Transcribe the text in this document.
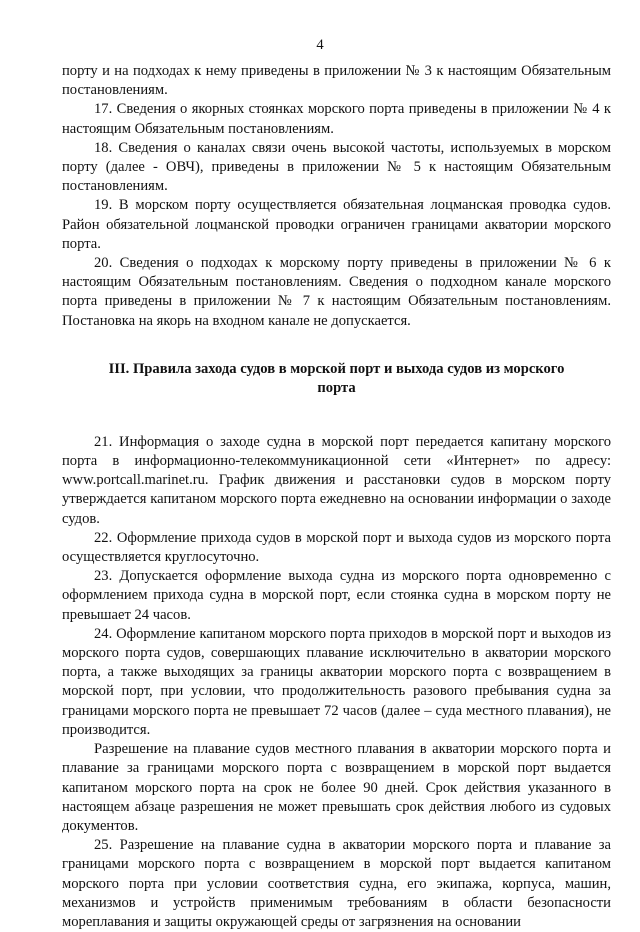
4

порту и на подходах к нему приведены в приложении № 3 к настоящим Обязательным постановлениям.

17. Сведения о якорных стоянках морского порта приведены в приложении № 4 к настоящим Обязательным постановлениям.

18. Сведения о каналах связи очень высокой частоты, используемых в морском порту (далее - ОВЧ), приведены в приложении № 5 к настоящим Обязательным постановлениям.

19. В морском порту осуществляется обязательная лоцманская проводка судов. Район обязательной лоцманской проводки ограничен границами акватории морского порта.

20. Сведения о подходах к морскому порту приведены в приложении № 6 к настоящим Обязательным постановлениям. Сведения о подходном канале морского порта приведены в приложении № 7 к настоящим Обязательным постановлениям. Постановка на якорь на входном канале не допускается.

III. Правила захода судов в морской порт и выхода судов из морского порта

21. Информация о заходе судна в морской порт передается капитану морского порта в информационно-телекоммуникационной сети «Интернет» по адресу: www.portcall.marinet.ru. График движения и расстановки судов в морском порту утверждается капитаном морского порта ежедневно на основании информации о заходе судов.

22. Оформление прихода судов в морской порт и выхода судов из морского порта осуществляется круглосуточно.

23. Допускается оформление выхода судна из морского порта одновременно с оформлением прихода судна в морской порт, если стоянка судна в морском порту не превышает 24 часов.

24. Оформление капитаном морского порта приходов в морской порт и выходов из морского порта судов, совершающих плавание исключительно в акватории морского порта, а также выходящих за границы акватории морского порта с возвращением в морской порт, при условии, что продолжительность разового пребывания судна за границами морского порта не превышает 72 часов (далее – суда местного плавания), не производится.

Разрешение на плавание судов местного плавания в акватории морского порта и плавание за границами морского порта с возвращением в морской порт выдается капитаном морского порта на срок не более 90 дней. Срок действия указанного в настоящем абзаце разрешения не может превышать срок действия любого из судовых документов.

25. Разрешение на плавание судна в акватории морского порта и плавание за границами морского порта с возвращением в морской порт выдается капитаном морского порта при условии соответствия судна, его экипажа, корпуса, машин, механизмов и устройств применимым требованиям в области безопасности мореплавания и защиты окружающей среды от загрязнения на основании
